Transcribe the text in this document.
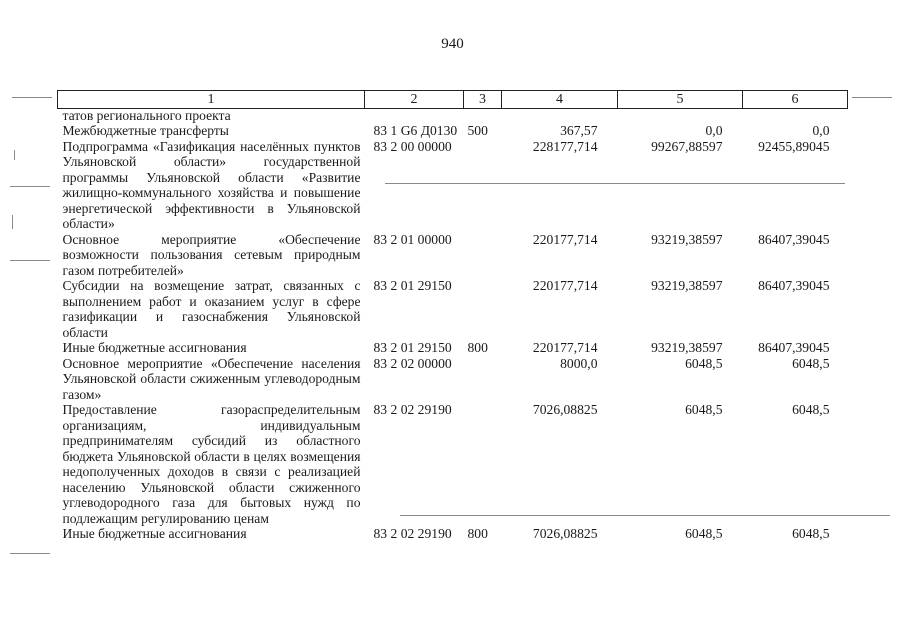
940
1	2	3	4	5	6
татов регионального проекта					
Межбюджетные трансферты	83 1 G6 Д0130	500	367,57	0,0	0,0
Подпрограмма «Газификация населённых пунктов Ульяновской области» государственной программы Ульяновской области «Развитие жилищно-коммунального хозяйства и повышение энергетической эффективности в Ульяновской области»	83 2 00 00000		228177,714	99267,88597	92455,89045
Основное мероприятие «Обеспечение возможности пользования сетевым природным газом потребителей»	83 2 01 00000		220177,714	93219,38597	86407,39045
Субсидии на возмещение затрат, связанных с выполнением работ и оказанием услуг в сфере газификации и газоснабжения Ульяновской области	83 2 01 29150		220177,714	93219,38597	86407,39045
Иные бюджетные ассигнования	83 2 01 29150	800	220177,714	93219,38597	86407,39045
Основное мероприятие «Обеспечение населения Ульяновской области сжиженным углеводородным газом»	83 2 02 00000		8000,0	6048,5	6048,5
Предоставление газораспределительным организациям, индивидуальным предпринимателям субсидий из областного бюджета Ульяновской области в целях возмещения недополученных доходов в связи с реализацией населению Ульяновской области сжиженного углеводородного газа для бытовых нужд по подлежащим регулированию ценам	83 2 02 29190		7026,08825	6048,5	6048,5
Иные бюджетные ассигнования	83 2 02 29190	800	7026,08825	6048,5	6048,5
